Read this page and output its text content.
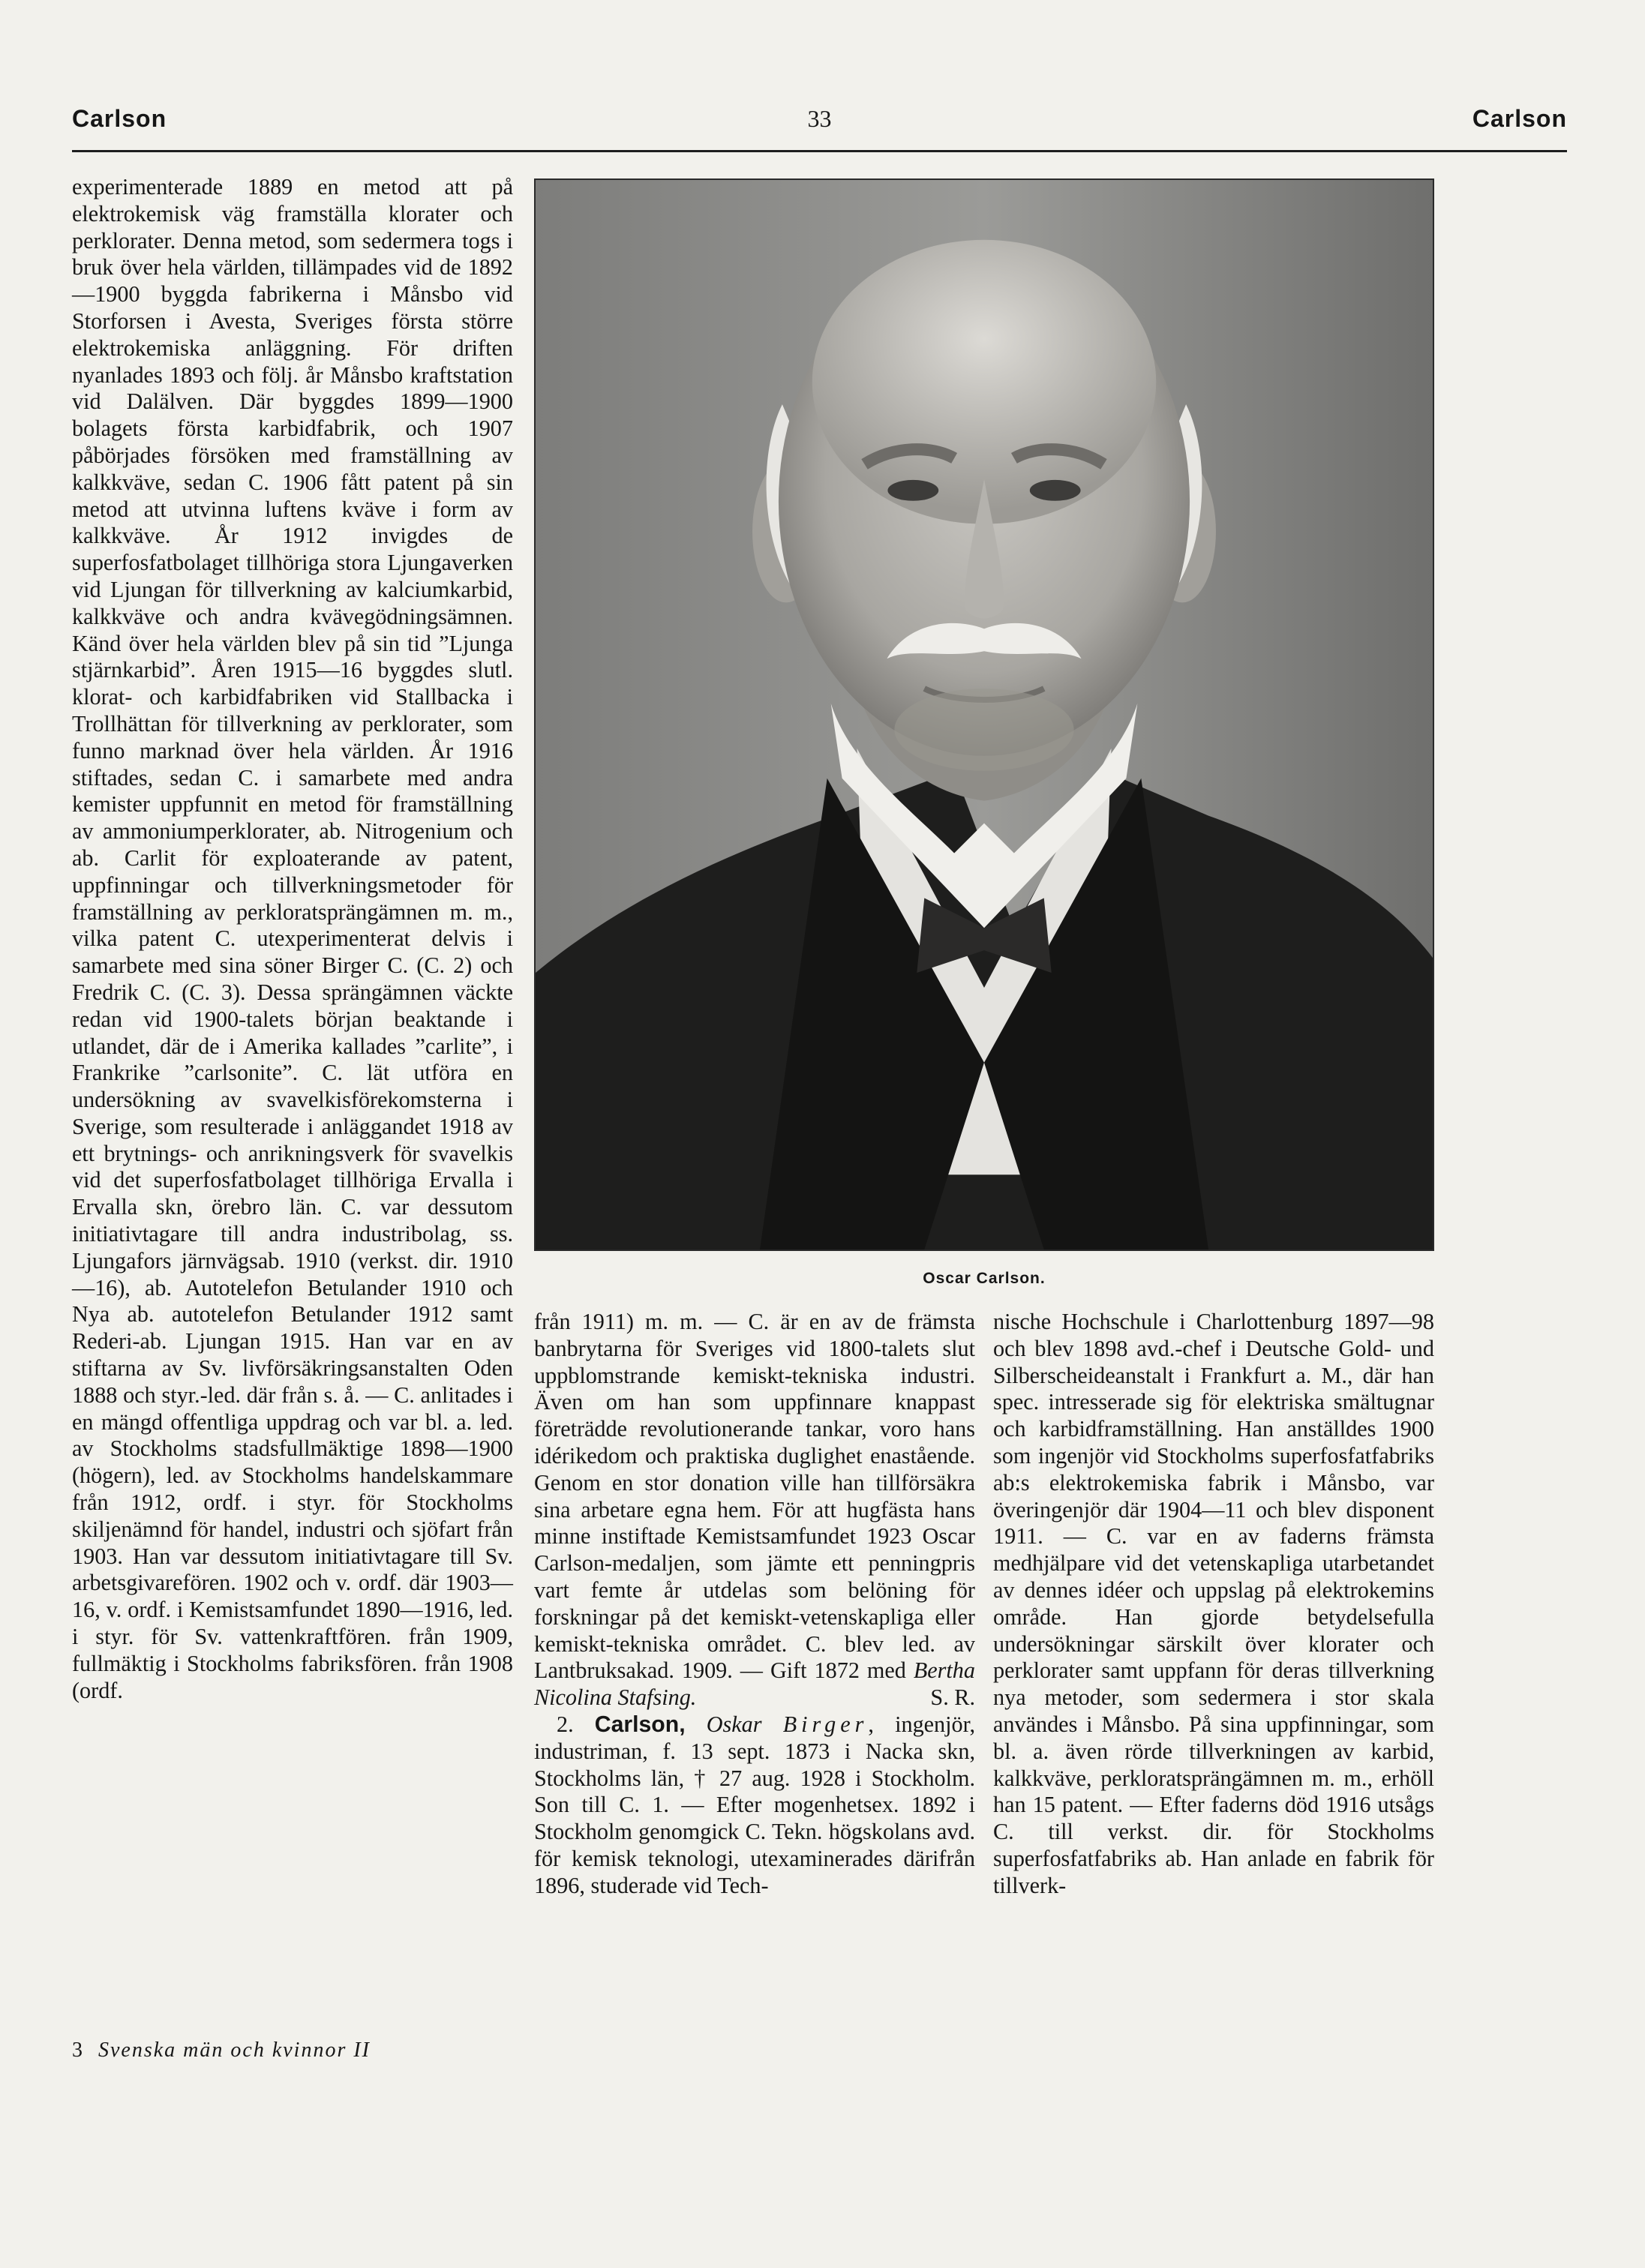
Carlson	33	Carlson

experimenterade 1889 en metod att på elektrokemisk väg framställa klorater och perklorater. Denna metod, som sedermera togs i bruk över hela världen, tillämpades vid de 1892—1900 byggda fabrikerna i Månsbo vid Storforsen i Avesta, Sveriges första större elektrokemiska anläggning. För driften nyanlades 1893 och följ. år Månsbo kraftstation vid Dalälven. Där byggdes 1899—1900 bolagets första karbidfabrik, och 1907 påbörjades försöken med framställning av kalkkväve, sedan C. 1906 fått patent på sin metod att utvinna luftens kväve i form av kalkkväve. År 1912 invigdes de superfosfatbolaget tillhöriga stora Ljungaverken vid Ljungan för tillverkning av kalciumkarbid, kalkkväve och andra kvävegödningsämnen. Känd över hela världen blev på sin tid ”Ljunga stjärnkarbid”. Åren 1915—16 byggdes slutl. klorat- och karbidfabriken vid Stallbacka i Trollhättan för tillverkning av perklorater, som funno marknad över hela världen. År 1916 stiftades, sedan C. i samarbete med andra kemister uppfunnit en metod för framställning av ammoniumperklorater, ab. Nitrogenium och ab. Carlit för exploaterande av patent, uppfinningar och tillverkningsmetoder för framställning av perkloratsprängämnen m. m., vilka patent C. utexperimenterat delvis i samarbete med sina söner Birger C. (C. 2) och Fredrik C. (C. 3). Dessa sprängämnen väckte redan vid 1900-talets början beaktande i utlandet, där de i Amerika kallades ”carlite”, i Frankrike ”carlsonite”. C. lät utföra en undersökning av svavelkisförekomsterna i Sverige, som resulterade i anläggandet 1918 av ett brytnings- och anrikningsverk för svavelkis vid det superfosfatbolaget tillhöriga Ervalla i Ervalla skn, örebro län. C. var dessutom initiativtagare till andra industribolag, ss. Ljungafors järnvägsab. 1910 (verkst. dir. 1910—16), ab. Autotelefon Betulander 1910 och Nya ab. autotelefon Betulander 1912 samt Rederi-ab. Ljungan 1915. Han var en av stiftarna av Sv. livförsäkringsanstalten Oden 1888 och styr.-led. där från s. å. — C. anlitades i en mängd offentliga uppdrag och var bl. a. led. av Stockholms stadsfullmäktige 1898—1900 (högern), led. av Stockholms handelskammare från 1912, ordf. i styr. för Stockholms skiljenämnd för handel, industri och sjöfart från 1903. Han var dessutom initiativtagare till Sv. arbetsgivarefören. 1902 och v. ordf. där 1903—16, v. ordf. i Kemistsamfundet 1890—1916, led. i styr. för Sv. vattenkraftfören. från 1909, fullmäktig i Stockholms fabriksfören. från 1908 (ordf.

Oscar Carlson.

från 1911) m. m. — C. är en av de främsta banbrytarna för Sveriges vid 1800-talets slut uppblomstrande kemiskt-tekniska industri. Även om han som uppfinnare knappast företrädde revolutionerande tankar, voro hans idérikedom och praktiska duglighet enastående. Genom en stor donation ville han tillförsäkra sina arbetare egna hem. För att hugfästa hans minne instiftade Kemistsamfundet 1923 Oscar Carlson-medaljen, som jämte ett penningpris vart femte år utdelas som belöning för forskningar på det kemiskt-vetenskapliga eller kemiskt-tekniska området. C. blev led. av Lantbruksakad. 1909. — Gift 1872 med Bertha Nicolina Stafsing.	S. R.

2. Carlson, Oskar Birger, ingenjör, industriman, f. 13 sept. 1873 i Nacka skn, Stockholms län, † 27 aug. 1928 i Stockholm. Son till C. 1. — Efter mogenhetsex. 1892 i Stockholm genomgick C. Tekn. högskolans avd. för kemisk teknologi, utexaminerades därifrån 1896, studerade vid Tech-

nische Hochschule i Charlottenburg 1897—98 och blev 1898 avd.-chef i Deutsche Gold- und Silberscheideanstalt i Frankfurt a. M., där han spec. intresserade sig för elektriska smältugnar och karbidframställning. Han anställdes 1900 som ingenjör vid Stockholms superfosfatfabriks ab:s elektrokemiska fabrik i Månsbo, var överingenjör där 1904—11 och blev disponent 1911. — C. var en av faderns främsta medhjälpare vid det vetenskapliga utarbetandet av dennes idéer och uppslag på elektrokemins område. Han gjorde betydelsefulla undersökningar särskilt över klorater och perklorater samt uppfann för deras tillverkning nya metoder, som sedermera i stor skala användes i Månsbo. På sina uppfinningar, som bl. a. även rörde tillverkningen av karbid, kalkkväve, perkloratsprängämnen m. m., erhöll han 15 patent. — Efter faderns död 1916 utsågs C. till verkst. dir. för Stockholms superfosfatfabriks ab. Han anlade en fabrik för tillverk-

3 Svenska män och kvinnor II
